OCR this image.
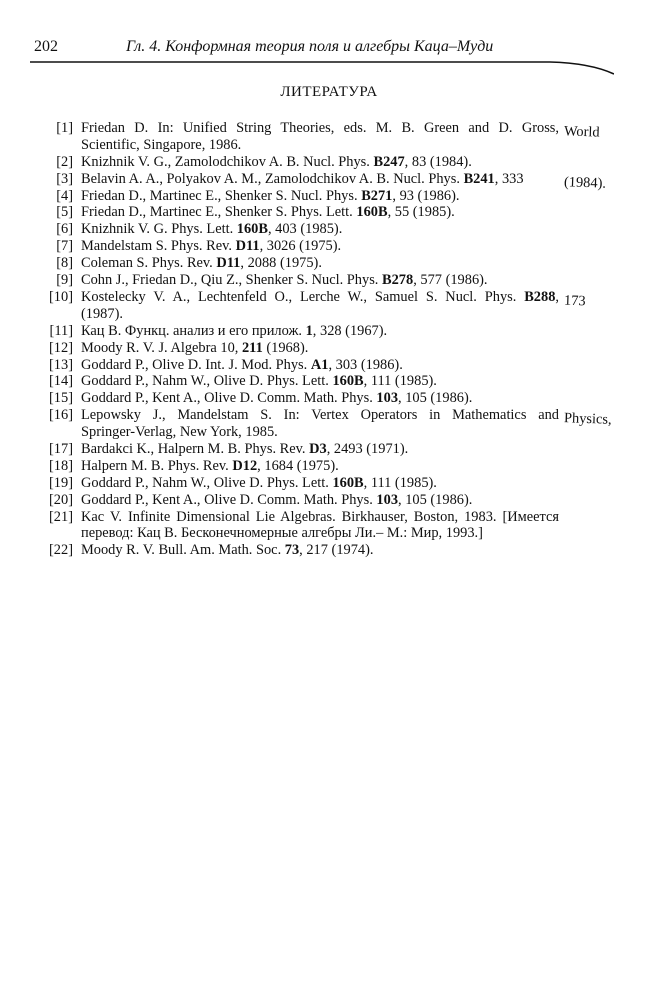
202	Гл. 4. Конформная теория поля и алгебры Каца–Муди
ЛИТЕРАТУРА
[1] Friedan D. In: Unified String Theories, eds. M. B. Green and D. Gross,
Scientific, Singapore, 1986.
World
[2] Knizhnik V. G., Zamolodchikov A. B. Nucl. Phys. B247, 83 (1984).
[3] Belavin A. A., Polyakov A. M., Zamolodchikov A. B. Nucl. Phys. B241, 333	(1984).
[4] Friedan D., Martinec E., Shenker S. Nucl. Phys. B271, 93 (1986).
[5] Friedan D., Martinec E., Shenker S. Phys. Lett. 160B, 55 (1985).
[6] Knizhnik V. G. Phys. Lett. 160B, 403 (1985).
[7] Mandelstam S. Phys. Rev. D11, 3026 (1975).
[8] Coleman S. Phys. Rev. D11, 2088 (1975).
[9] Cohn J., Friedan D., Qiu Z., Shenker S. Nucl. Phys. B278, 577 (1986).
[10] Kostelecky V. A., Lechtenfeld O., Lerche W., Samuel S. Nucl. Phys. B288,
(1987).
173
[11] Кац В. Функц. анализ и его прилож. 1, 328 (1967).
[12] Moody R. V. J. Algebra 10, 211 (1968).
[13] Goddard P., Olive D. Int. J. Mod. Phys. A1, 303 (1986).
[14] Goddard P., Nahm W., Olive D. Phys. Lett. 160B, 111 (1985).
[15] Goddard P., Kent A., Olive D. Comm. Math. Phys. 103, 105 (1986).
[16] Lepowsky J., Mandelstam S. In: Vertex Operators in Mathematics and
Springer-Verlag, New York, 1985.
Physics,
[17] Bardakci K., Halpern M. B. Phys. Rev. D3, 2493 (1971).
[18] Halpern M. B. Phys. Rev. D12, 1684 (1975).
[19] Goddard P., Nahm W., Olive D. Phys. Lett. 160B, 111 (1985).
[20] Goddard P., Kent A., Olive D. Comm. Math. Phys. 103, 105 (1986).
[21] Kac V. Infinite Dimensional Lie Algebras. Birkhauser, Boston, 1983. [Имеется
перевод: Кац В. Бесконечномерные алгебры Ли.– М.: Мир, 1993.]
[22] Moody R. V. Bull. Am. Math. Soc. 73, 217 (1974).
